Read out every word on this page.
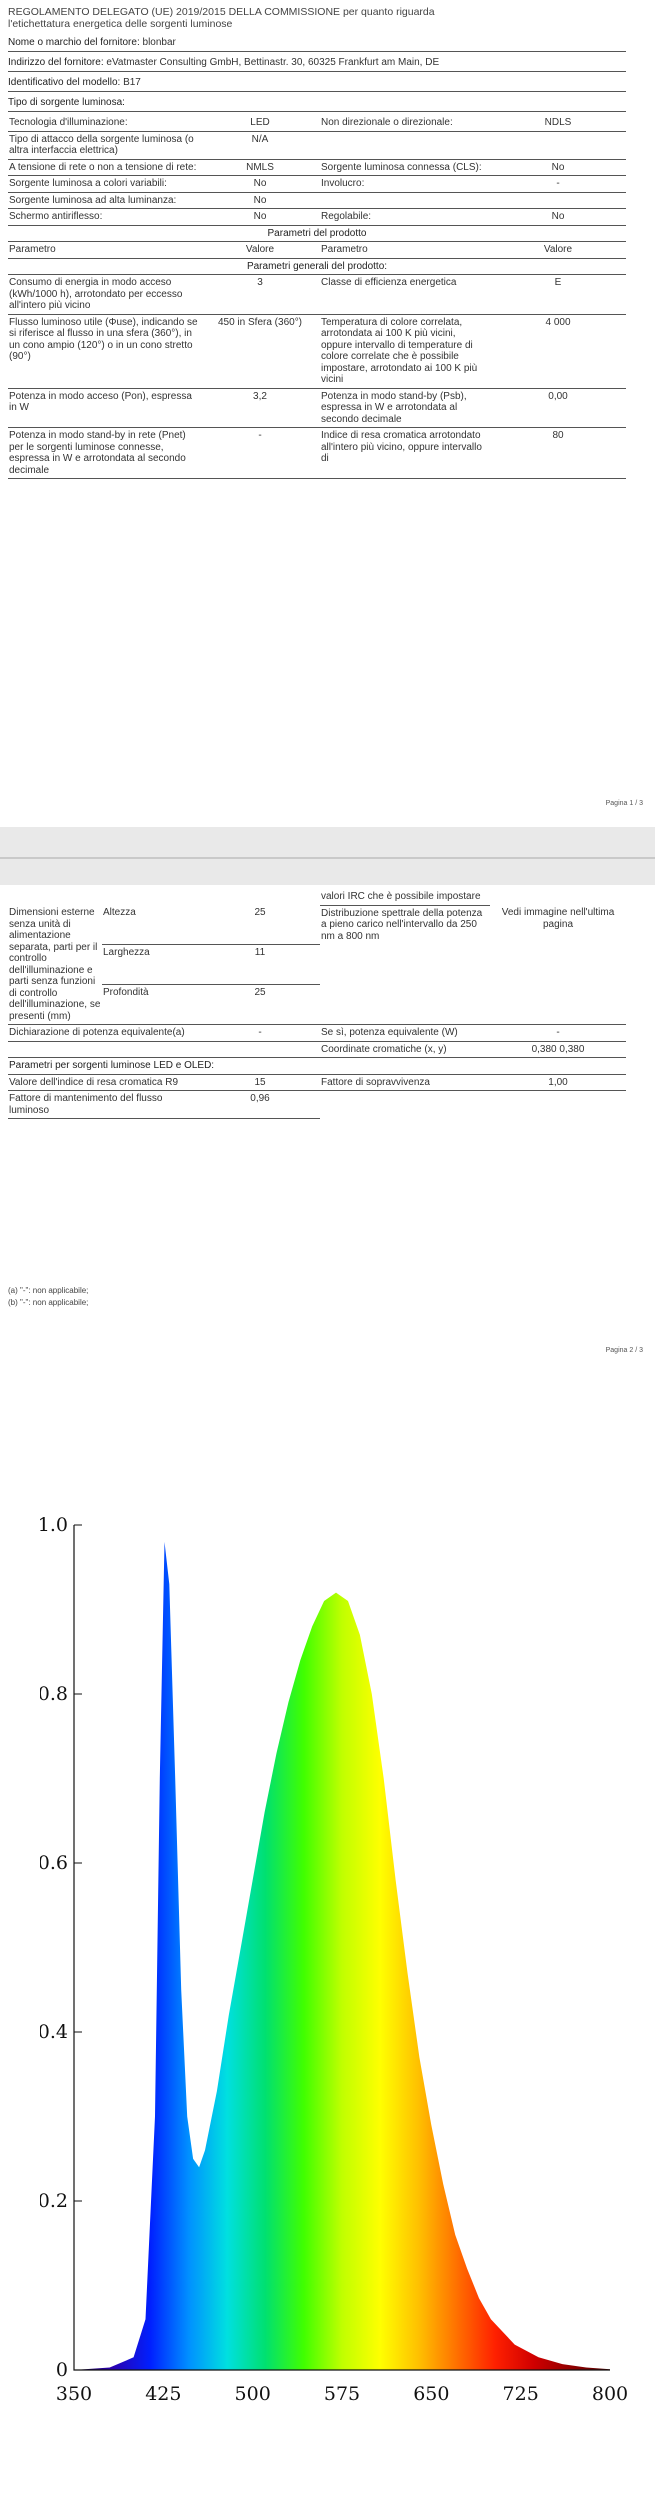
REGOLAMENTO DELEGATO (UE) 2019/2015 DELLA COMMISSIONE per quanto riguarda
l'etichettatura energetica delle sorgenti luminose
Nome o marchio del fornitore: blonbar
Indirizzo del fornitore: eVatmaster Consulting GmbH, Bettinastr. 30, 60325 Frankfurt am Main, DE
Identificativo del modello: B17
Tipo di sorgente luminosa:
Tecnologia d'illuminazione:	LED	Non direzionale o direzionale:	NDLS
Tipo di attacco della sorgente luminosa (o altra interfaccia elettrica)	N/A		
A tensione di rete o non a tensione di rete:	NMLS	Sorgente luminosa connessa (CLS):	No
Sorgente luminosa a colori variabili:	No	Involucro:	-
Sorgente luminosa ad alta luminanza:	No		
Schermo antiriflesso:	No	Regolabile:	No
Parametri del prodotto			
Parametro	Valore	Parametro	Valore
Parametri generali del prodotto:			
Consumo di energia in modo acceso (kWh/1000 h), arrotondato per eccesso all'intero più vicino	3	Classe di efficienza energetica	E
Flusso luminoso utile (Φuse), indicando se si riferisce al flusso in una sfera (360°), in un cono ampio (120°) o in un cono stretto (90°)	450 in Sfera (360°)	Temperatura di colore correlata, arrotondata ai 100 K più vicini, oppure intervallo di temperature di colore correlate che è possibile impostare, arrotondato ai 100 K più vicini	4 000
Potenza in modo acceso (Pon), espressa in W	3,2	Potenza in modo stand-by (Psb), espressa in W e arrotondata al secondo decimale	0,00
Potenza in modo stand-by in rete (Pnet) per le sorgenti luminose connesse, espressa in W e arrotondata al secondo decimale	-	Indice di resa cromatica arrotondato all'intero più vicino, oppure intervallo di	80
Pagina 1 / 3
			valori IRC che è possibile impostare	
Dimensioni esterne senza unità di alimentazione separata, parti per il controllo dell'illuminazione e parti senza funzioni di controllo dell'illuminazione, se presenti (mm)	Altezza	25	Distribuzione spettrale della potenza a pieno carico nell'intervallo da 250 nm a 800 nm	Vedi immagine nell'ultima pagina
	Larghezza	11		
	Profondità	25		
Dichiarazione di potenza equivalente(a)		-	Se sì, potenza equivalente (W)	-
			Coordinate cromatiche (x, y)	0,380 0,380
Parametri per sorgenti luminose LED e OLED:				
Valore dell'indice di resa cromatica R9		15	Fattore di sopravvivenza	1,00
Fattore di mantenimento del flusso luminoso		0,96		
(a) "-": non applicabile;
(b) "-": non applicabile;
Pagina 2 / 3
0
0.2
0.4
0.6
0.8
1.0
350	425	500	575	650	725	800
